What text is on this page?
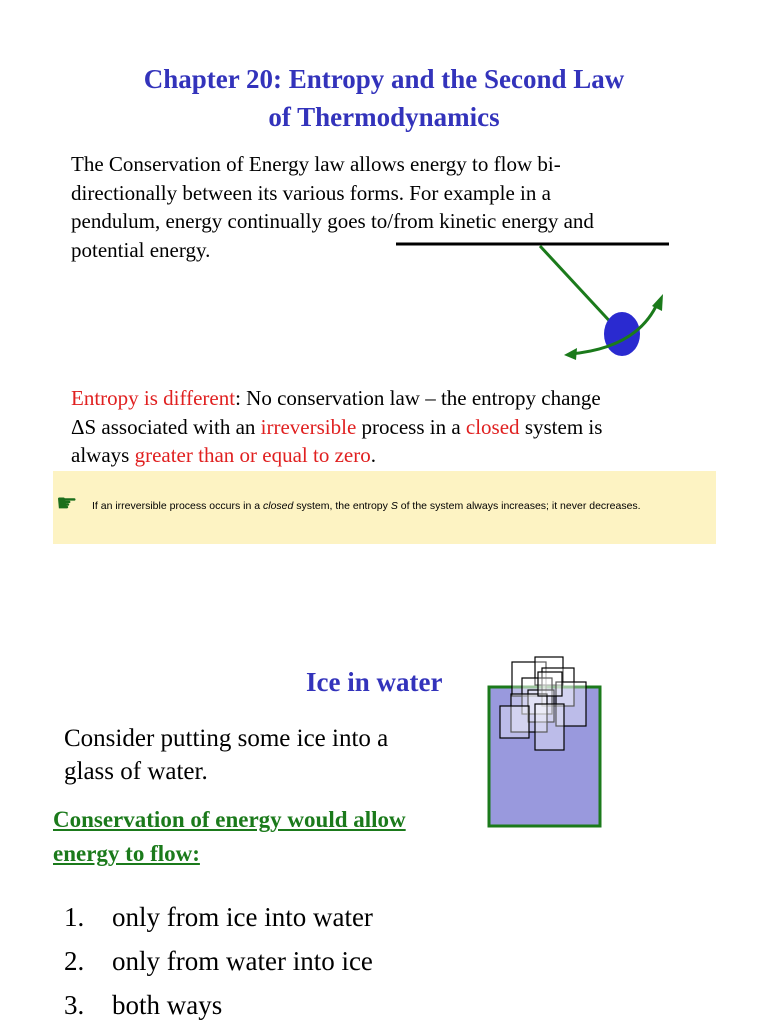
Chapter 20: Entropy and the Second Law
of Thermodynamics
The Conservation of Energy law allows energy to flow bi-
directionally between its various forms. For example in a
pendulum, energy continually goes to/from kinetic energy and
potential energy.
Entropy is different: No conservation law – the entropy change
ΔS associated with an irreversible process in a closed system is
always greater than or equal to zero.
☛ If an irreversible process occurs in a closed system, the entropy S of the system always increases; it never decreases.
Ice in water
Consider putting some ice into a
glass of water.
Conservation of energy would allow
energy to flow:
1. only from ice into water
2. only from water into ice
3. both ways
